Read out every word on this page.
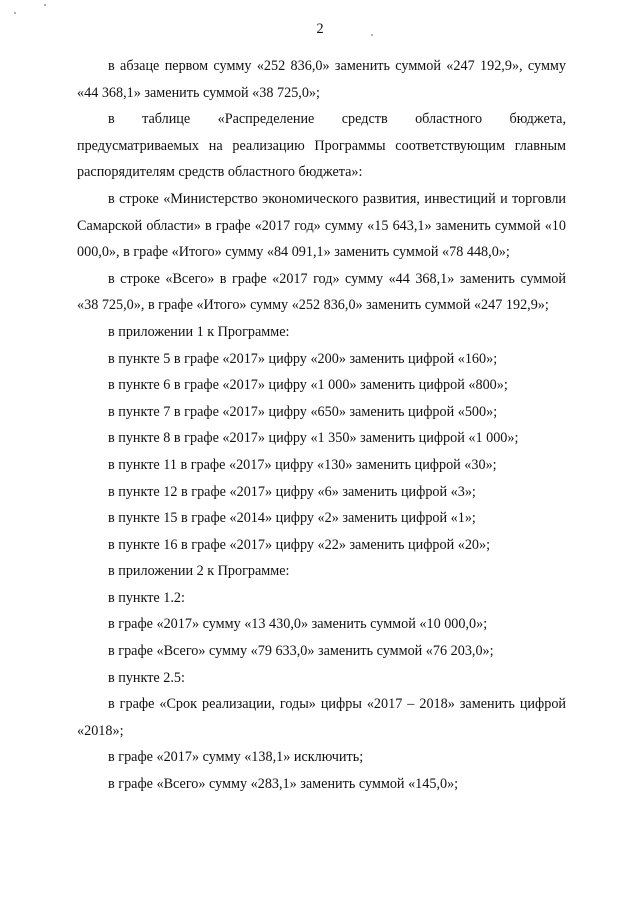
2

в абзаце первом сумму «252 836,0» заменить суммой «247 192,9», сумму «44 368,1» заменить суммой «38 725,0»;

в таблице «Распределение средств областного бюджета, предусматриваемых на реализацию Программы соответствующим главным распорядителям средств областного бюджета»:

в строке «Министерство экономического развития, инвестиций и торговли Самарской области» в графе «2017 год» сумму «15 643,1» заменить суммой «10 000,0», в графе «Итого» сумму «84 091,1» заменить суммой «78 448,0»;

в строке «Всего» в графе «2017 год» сумму «44 368,1» заменить суммой «38 725,0», в графе «Итого» сумму «252 836,0» заменить суммой «247 192,9»;

в приложении 1 к Программе:

в пункте 5 в графе «2017» цифру «200» заменить цифрой «160»;

в пункте 6 в графе «2017» цифру «1 000» заменить цифрой «800»;

в пункте 7 в графе «2017» цифру «650» заменить цифрой «500»;

в пункте 8 в графе «2017» цифру «1 350» заменить цифрой «1 000»;

в пункте 11 в графе «2017» цифру «130» заменить цифрой «30»;

в пункте 12 в графе «2017» цифру «6» заменить цифрой «3»;

в пункте 15 в графе «2014» цифру «2» заменить цифрой «1»;

в пункте 16 в графе «2017» цифру «22» заменить цифрой «20»;

в приложении 2 к Программе:

в пункте 1.2:

в графе «2017» сумму «13 430,0» заменить суммой «10 000,0»;

в графе «Всего» сумму «79 633,0» заменить суммой «76 203,0»;

в пункте 2.5:

в графе «Срок реализации, годы» цифры «2017 – 2018» заменить цифрой «2018»;

в графе «2017» сумму «138,1» исключить;

в графе «Всего» сумму «283,1» заменить суммой «145,0»;
